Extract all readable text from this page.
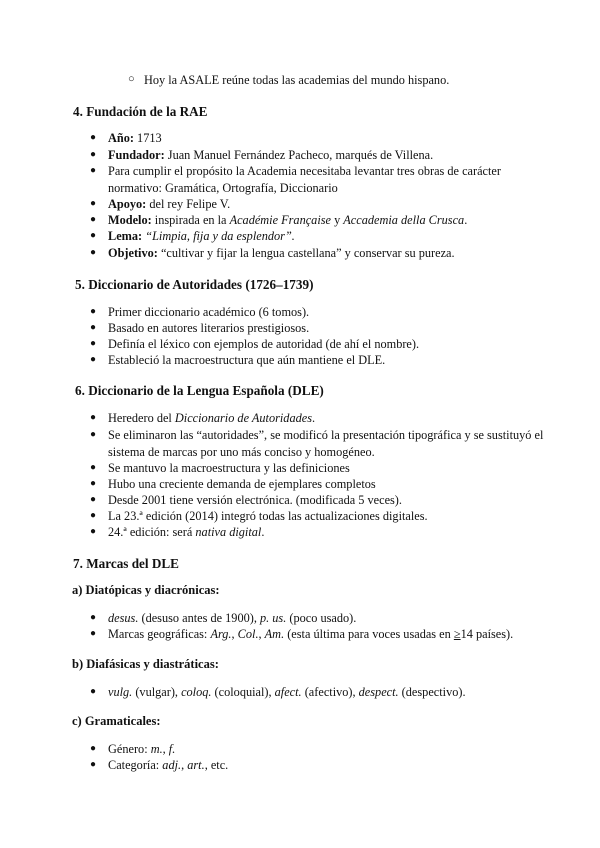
○ Hoy la ASALE reúne todas las academias del mundo hispano.
4. Fundación de la RAE
● Año: 1713
● Fundador: Juan Manuel Fernández Pacheco, marqués de Villena.
● Para cumplir el propósito la Academia necesitaba levantar tres obras de carácter normativo: Gramática, Ortografía, Diccionario
● Apoyo: del rey Felipe V.
● Modelo: inspirada en la Académie Française y Accademia della Crusca.
● Lema: “Limpia, fija y da esplendor”.
● Objetivo: “cultivar y fijar la lengua castellana” y conservar su pureza.
5. Diccionario de Autoridades (1726–1739)
● Primer diccionario académico (6 tomos).
● Basado en autores literarios prestigiosos.
● Definía el léxico con ejemplos de autoridad (de ahí el nombre).
● Estableció la macroestructura que aún mantiene el DLE.
6. Diccionario de la Lengua Española (DLE)
● Heredero del Diccionario de Autoridades.
● Se eliminaron las “autoridades”, se modificó la presentación tipográfica y se sustituyó el sistema de marcas por uno más conciso y homogéneo.
● Se mantuvo la macroestructura y las definiciones
● Hubo una creciente demanda de ejemplares completos
● Desde 2001 tiene versión electrónica. (modificada 5 veces).
● La 23.ª edición (2014) integró todas las actualizaciones digitales.
● 24.ª edición: será nativa digital.
7. Marcas del DLE
a) Diatópicas y diacrónicas:
● desus. (desuso antes de 1900), p. us. (poco usado).
● Marcas geográficas: Arg., Col., Am. (esta última para voces usadas en ≥14 países).
b) Diafásicas y diastráticas:
● vulg. (vulgar), coloq. (coloquial), afect. (afectivo), despect. (despectivo).
c) Gramaticales:
● Género: m., f.
● Categoría: adj., art., etc.
